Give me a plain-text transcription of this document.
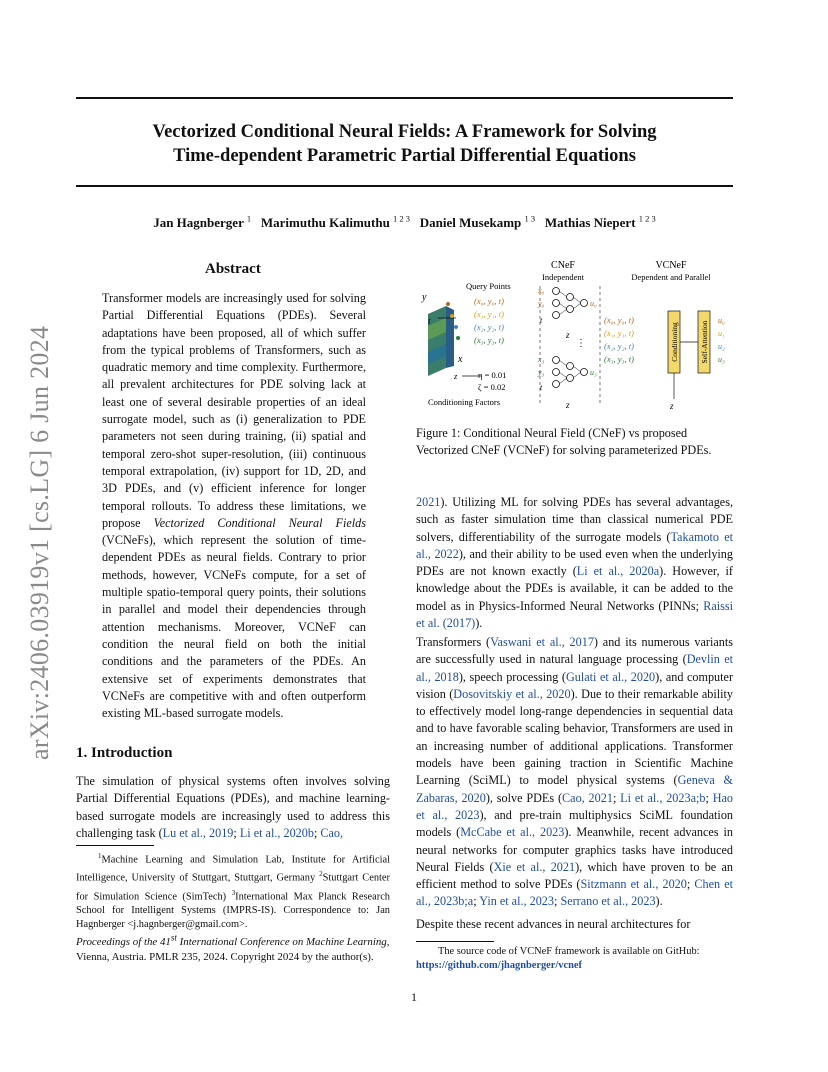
arXiv:2406.03919v1 [cs.LG] 6 Jun 2024
Vectorized Conditional Neural Fields: A Framework for Solving
Time-dependent Parametric Partial Differential Equations
Jan Hagnberger $^1$ Marimuthu Kalimuthu $^{1 2 3}$ Daniel Musekamp $^{1 3}$ Mathias Niepert $^{1 2 3}$
Abstract
Transformer models are increasingly used for solving Partial Differential Equations (PDEs). Several adaptations have been proposed, all of which suffer from the typical problems of Transformers, such as quadratic memory and time complexity. Furthermore, all prevalent architectures for PDE solving lack at least one of several desirable properties of an ideal surrogate model, such as (i) generalization to PDE parameters not seen during training, (ii) spatial and temporal zero-shot super-resolution, (iii) continuous temporal extrapolation, (iv) support for 1D, 2D, and 3D PDEs, and (v) efficient inference for longer temporal rollouts. To address these limitations, we propose Vectorized Conditional Neural Fields (VCNeFs), which represent the solution of time-dependent PDEs as neural fields. Contrary to prior methods, however, VCNeFs compute, for a set of multiple spatio-temporal query points, their solutions in parallel and model their dependencies through attention mechanisms. Moreover, VCNeF can condition the neural field on both the initial conditions and the parameters of the PDEs. An extensive set of experiments demonstrates that VCNeFs are competitive with and often outperform existing ML-based surrogate models.
1. Introduction
The simulation of physical systems often involves solving Partial Differential Equations (PDEs), and machine learning-based surrogate models are increasingly used to address this challenging task (Lu et al., 2019; Li et al., 2020b; Cao,
$^1$Machine Learning and Simulation Lab, Institute for Artificial Intelligence, University of Stuttgart, Stuttgart, Germany $^2$Stuttgart Center for Simulation Science (SimTech) $^3$International Max Planck Research School for Intelligent Systems (IMPRS-IS). Correspondence to: Jan Hagnberger <j.hagnberger@gmail.com>.
Proceedings of the 41st International Conference on Machine Learning, Vienna, Austria. PMLR 235, 2024. Copyright 2024 by the author(s).
CNeF
Independent
VCNeF
Dependent and Parallel
y
t
x
Query Points
(x₀, y₀, t)
(x₁, y₁, t)
(x₂, y₂, t)
(x₃, y₃, t)
z η = 0.01
ζ = 0.02
Conditioning Factors
x₀
y₀
t
u₀
z
⋮
x₃
y₃
t
u₃
z
(x₀, y₀, t)
(x₁, y₁, t)
(x₂, y₂, t)
(x₃, y₃, t)	Conditioning	Self-Attention
z
u₀
u₁
u₂
u₃
Figure 1: Conditional Neural Field (CNeF) vs proposed Vectorized CNeF (VCNeF) for solving parameterized PDEs.
2021). Utilizing ML for solving PDEs has several advantages, such as faster simulation time than classical numerical PDE solvers, differentiability of the surrogate models (Takamoto et al., 2022), and their ability to be used even when the underlying PDEs are not known exactly (Li et al., 2020a). However, if knowledge about the PDEs is available, it can be added to the model as in Physics-Informed Neural Networks (PINNs; Raissi et al. (2017)).
Transformers (Vaswani et al., 2017) and its numerous variants are successfully used in natural language processing (Devlin et al., 2018), speech processing (Gulati et al., 2020), and computer vision (Dosovitskiy et al., 2020). Due to their remarkable ability to effectively model long-range dependencies in sequential data and to have favorable scaling behavior, Transformers are used in an increasing number of additional applications. Transformer models have been gaining traction in Scientific Machine Learning (SciML) to model physical systems (Geneva & Zabaras, 2020), solve PDEs (Cao, 2021; Li et al., 2023a;b; Hao et al., 2023), and pre-train multiphysics SciML foundation models (McCabe et al., 2023). Meanwhile, recent advances in neural networks for computer graphics tasks have introduced Neural Fields (Xie et al., 2021), which have proven to be an efficient method to solve PDEs (Sitzmann et al., 2020; Chen et al., 2023b;a; Yin et al., 2023; Serrano et al., 2023).
Despite these recent advances in neural architectures for
The source code of VCNeF framework is available on GitHub:
https://github.com/jhagnberger/vcnef
1
